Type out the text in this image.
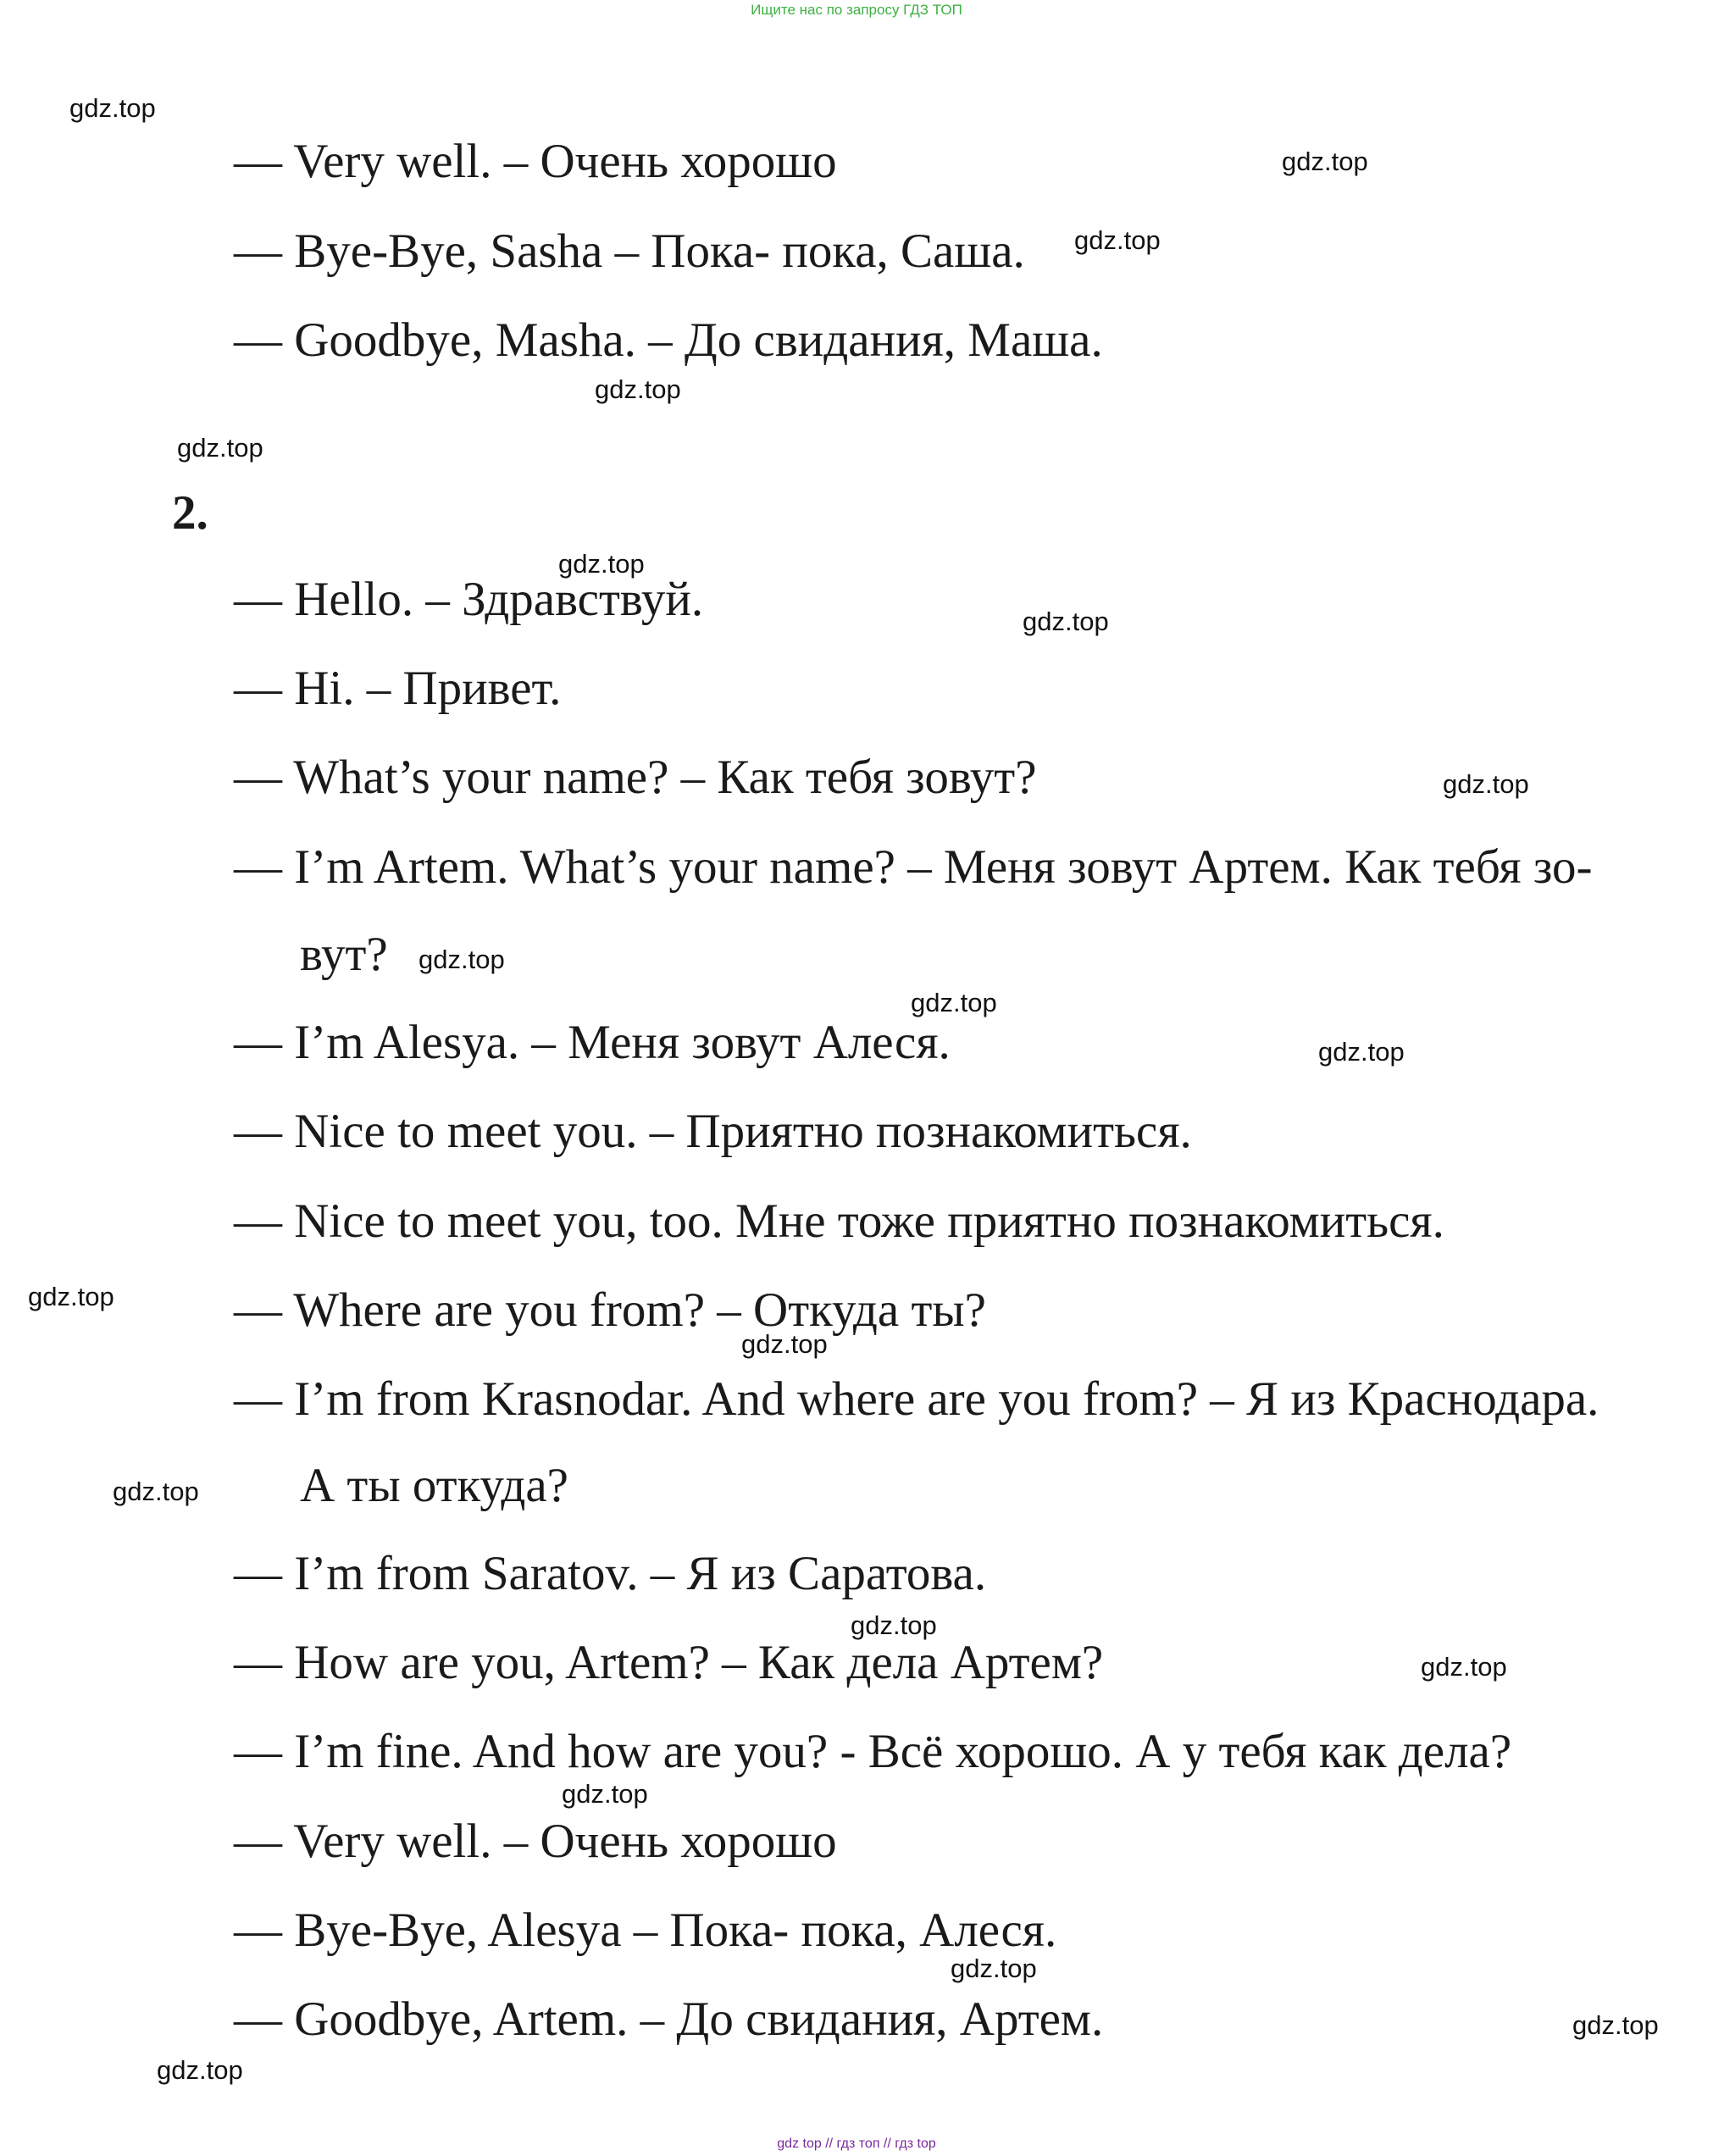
Ищите нас по запросу ГДЗ ТОП
— Very well. – Очень хорошо
— Bye-Bye, Sasha – Пока- пока, Саша.
— Goodbye, Masha. – До свидания, Маша.
2.
— Hello. – Здравствуй.
— Hi. – Привет.
— What’s your name? – Как тебя зовут?
— I’m Artem. What’s your name? – Меня зовут Артем. Как тебя зо-
вут?
— I’m Alesya. – Меня зовут Алеся.
— Nice to meet you. – Приятно познакомиться.
— Nice to meet you, too. Мне тоже приятно познакомиться.
— Where are you from? – Откуда ты?
— I’m from Krasnodar. And where are you from? – Я из Краснодара.
А ты откуда?
— I’m from Saratov. – Я из Саратова.
— How are you, Artem? – Как дела Артем?
— I’m fine. And how are you? - Всё хорошо. А у тебя как дела?
— Very well. – Очень хорошо
— Bye-Bye, Alesya – Пока- пока, Алеся.
— Goodbye, Artem. – До свидания, Артем.
gdz.top
gdz.top
gdz.top
gdz.top
gdz.top
gdz.top
gdz.top
gdz.top
gdz.top
gdz.top
gdz.top
gdz.top
gdz.top
gdz.top
gdz.top
gdz.top
gdz.top
gdz.top
gdz.top
gdz.top
gdz top // гдз топ // гдз top
